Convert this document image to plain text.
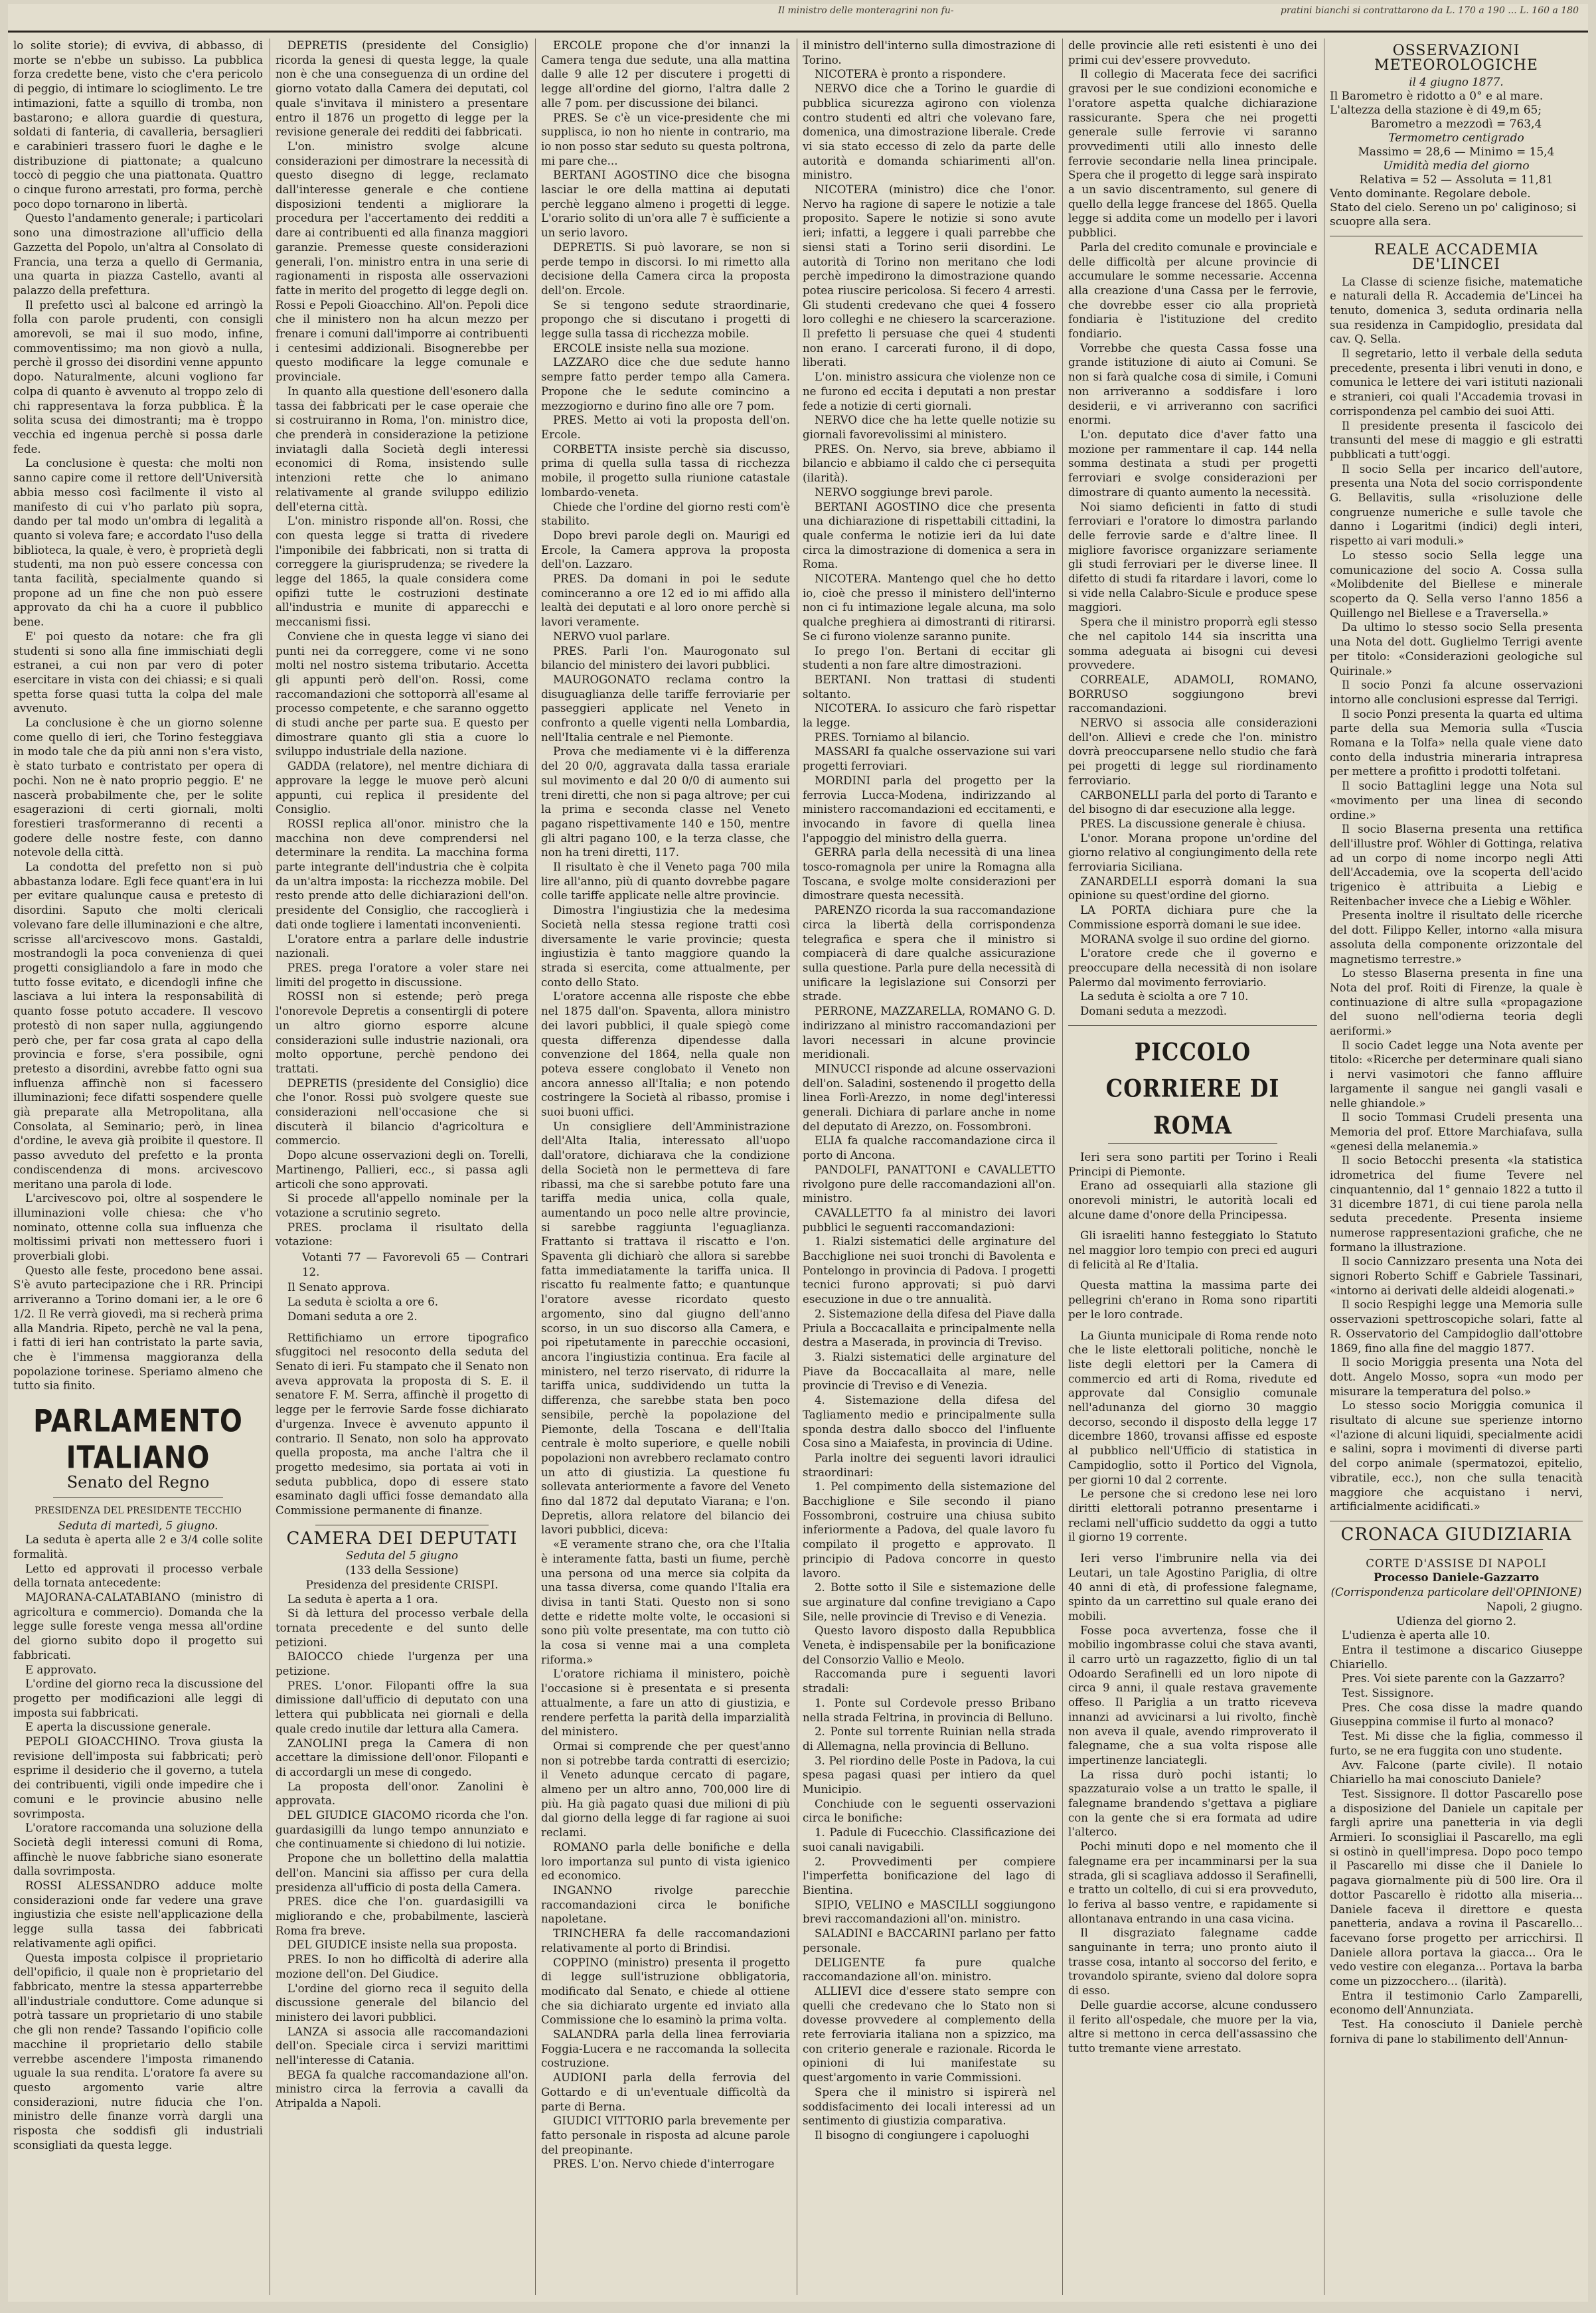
Il ministro delle monteragrini non fu-	pratini bianchi si contrattarono da L. 170 a 190 ... L. 160 a 180

lo solite storie); di evviva, di abbasso, di morte se n'ebbe un subisso. La pubblica forza credette bene, visto che c'era pericolo di peggio, di intimare lo scioglimento. Le tre intimazioni, fatte a squillo di tromba, non bastarono; e allora guardie di questura, soldati di fanteria, di cavalleria, bersaglieri e carabinieri trassero fuori le daghe e le distribuzione di piattonate; a qualcuno toccò di peggio che una piattonata. Quattro o cinque furono arrestati, pro forma, perchè poco dopo tornarono in libertà.

Questo l'andamento generale; i particolari sono una dimostrazione all'ufficio della Gazzetta del Popolo, un'altra al Consolato di Francia, una terza a quello di Germania, una quarta in piazza Castello, avanti al palazzo della prefettura.

Il prefetto uscì al balcone ed arringò la folla con parole prudenti, con consigli amorevoli, se mai il suo modo, infine, commoventissimo; ma non giovò a nulla, perchè il grosso dei disordini venne appunto dopo. Naturalmente, alcuni vogliono far colpa di quanto è avvenuto al troppo zelo di chi rappresentava la forza pubblica. È la solita scusa dei dimostranti; ma è troppo vecchia ed ingenua perchè si possa darle fede.

La conclusione è questa: che molti non sanno capire come il rettore dell'Università abbia messo così facilmente il visto al manifesto di cui v'ho parlato più sopra, dando per tal modo un'ombra di legalità a quanto si voleva fare; e accordato l'uso della biblioteca, la quale, è vero, è proprietà degli studenti, ma non può essere concessa con tanta facilità, specialmente quando si propone ad un fine che non può essere approvato da chi ha a cuore il pubblico bene.

E' poi questo da notare: che fra gli studenti si sono alla fine immischiati degli estranei, a cui non par vero di poter esercitare in vista con dei chiassi; e si quali spetta forse quasi tutta la colpa del male avvenuto.

La conclusione è che un giorno solenne come quello di ieri, che Torino festeggiava in modo tale che da più anni non s'era visto, è stato turbato e contristato per opera di pochi. Non ne è nato proprio peggio. E' ne nascerà probabilmente che, per le solite esagerazioni di certi giornali, molti forestieri trasformeranno di recenti a godere delle nostre feste, con danno notevole della città.

La condotta del prefetto non si può abbastanza lodare. Egli fece quant'era in lui per evitare qualunque causa e pretesto di disordini. Saputo che molti clericali volevano fare delle illuminazioni e che altre, scrisse all'arcivescovo mons. Gastaldi, mostrandogli la poca convenienza di quei progetti consigliandolo a fare in modo che tutto fosse evitato, e dicendogli infine che lasciava a lui intera la responsabilità di quanto fosse potuto accadere. Il vescovo protestò di non saper nulla, aggiungendo però che, per far cosa grata al capo della provincia e forse, s'era possibile, ogni pretesto a disordini, avrebbe fatto ogni sua influenza affinchè non si facessero illuminazioni; fece difatti sospendere quelle già preparate alla Metropolitana, alla Consolata, al Seminario; però, in linea d'ordine, le aveva già proibite il questore. Il passo avveduto del prefetto e la pronta condiscendenza di mons. arcivescovo meritano una parola di lode.

L'arcivescovo poi, oltre al sospendere le illuminazioni volle chiesa: che v'ho nominato, ottenne colla sua influenza che moltissimi privati non mettessero fuori i proverbiali globi.

Questo alle feste, procedono bene assai. S'è avuto partecipazione che i RR. Principi arriveranno a Torino domani ier, a le ore 6 1/2. Il Re verrà giovedì, ma si recherà prima alla Mandria. Ripeto, perchè ne val la pena, i fatti di ieri han contristato la parte savia, che è l'immensa maggioranza della popolazione torinese. Speriamo almeno che tutto sia finito.

PARLAMENTO ITALIANO
Senato del Regno

PRESIDENZA DEL PRESIDENTE TECCHIO

Seduta di martedì, 5 giugno.

La seduta è aperta alle 2 e 3/4 colle solite formalità.

Letto ed approvati il processo verbale della tornata antecedente:

MAJORANA-CALATABIANO (ministro di agricoltura e commercio). Domanda che la legge sulle foreste venga messa all'ordine del giorno subito dopo il progetto sui fabbricati.

E approvato.

L'ordine del giorno reca la discussione del progetto per modificazioni alle leggi di imposta sui fabbricati.

E aperta la discussione generale.

PEPOLI GIOACCHINO. Trova giusta la revisione dell'imposta sui fabbricati; però esprime il desiderio che il governo, a tutela dei contribuenti, vigili onde impedire che i comuni e le provincie abusino nelle sovrimposta.

L'oratore raccomanda una soluzione della Società degli interessi comuni di Roma, affinchè le nuove fabbriche siano esonerate dalla sovrimposta.

ROSSI ALESSANDRO adduce molte considerazioni onde far vedere una grave ingiustizia che esiste nell'applicazione della legge sulla tassa dei fabbricati relativamente agli opifici.

Questa imposta colpisce il proprietario dell'opificio, il quale non è proprietario del fabbricato, mentre la stessa apparterrebbe all'industriale conduttore. Come adunque si potrà tassare un proprietario di uno stabile che gli non rende? Tassando l'opificio colle macchine il proprietario dello stabile verrebbe ascendere l'imposta rimanendo uguale la sua rendita. L'oratore fa avere su questo argomento varie altre considerazioni, nutre fiducia che l'on. ministro delle finanze vorrà dargli una risposta che soddisfi gli industriali sconsigliati da questa legge.

DEPRETIS (presidente del Consiglio) ricorda la genesi di questa legge, la quale non è che una conseguenza di un ordine del giorno votato dalla Camera dei deputati, col quale s'invitava il ministero a presentare entro il 1876 un progetto di legge per la revisione generale dei redditi dei fabbricati.

L'on. ministro svolge alcune considerazioni per dimostrare la necessità di questo disegno di legge, reclamato dall'interesse generale e che contiene disposizioni tendenti a migliorare la procedura per l'accertamento dei redditi a dare ai contribuenti ed alla finanza maggiori garanzie. Premesse queste considerazioni generali, l'on. ministro entra in una serie di ragionamenti in risposta alle osservazioni fatte in merito del progetto di legge degli on. Rossi e Pepoli Gioacchino. All'on. Pepoli dice che il ministero non ha alcun mezzo per frenare i comuni dall'imporre ai contribuenti i centesimi addizionali. Bisognerebbe per questo modificare la legge comunale e provinciale.

In quanto alla questione dell'esonero dalla tassa dei fabbricati per le case operaie che si costruiranno in Roma, l'on. ministro dice, che prenderà in considerazione la petizione inviatagli dalla Società degli interessi economici di Roma, insistendo sulle intenzioni rette che lo animano relativamente al grande sviluppo edilizio dell'eterna città.

L'on. ministro risponde all'on. Rossi, che con questa legge si tratta di rivedere l'imponibile dei fabbricati, non si tratta di correggere la giurisprudenza; se rivedere la legge del 1865, la quale considera come opifizi tutte le costruzioni destinate all'industria e munite di apparecchi e meccanismi fissi.

Conviene che in questa legge vi siano dei punti nei da correggere, come vi ne sono molti nel nostro sistema tributario. Accetta gli appunti però dell'on. Rossi, come raccomandazioni che sottoporrà all'esame al processo competente, e che saranno oggetto di studi anche per parte sua. E questo per dimostrare quanto gli stia a cuore lo sviluppo industriale della nazione.

GADDA (relatore), nel mentre dichiara di approvare la legge le muove però alcuni appunti, cui replica il presidente del Consiglio.

ROSSI replica all'onor. ministro che la macchina non deve comprendersi nel determinare la rendita. La macchina forma parte integrante dell'industria che è colpita da un'altra imposta: la ricchezza mobile. Del resto prende atto delle dichiarazioni dell'on. presidente del Consiglio, che raccoglierà i dati onde togliere i lamentati inconvenienti.

L'oratore entra a parlare delle industrie nazionali.

PRES. prega l'oratore a voler stare nei limiti del progetto in discussione.

ROSSI non si estende; però prega l'onorevole Depretis a consentirgli di potere un altro giorno esporre alcune considerazioni sulle industrie nazionali, ora molto opportune, perchè pendono dei trattati.

DEPRETIS (presidente del Consiglio) dice che l'onor. Rossi può svolgere queste sue considerazioni nell'occasione che si discuterà il bilancio d'agricoltura e commercio.

Dopo alcune osservazioni degli on. Torelli, Martinengo, Pallieri, ecc., si passa agli articoli che sono approvati.

Si procede all'appello nominale per la votazione a scrutinio segreto.

PRES. proclama il risultato della votazione:

Votanti 77 — Favorevoli 65 — Contrari 12.

Il Senato approva.

La seduta è sciolta a ore 6.

Domani seduta a ore 2.

Rettifichiamo un errore tipografico sfuggitoci nel resoconto della seduta del Senato di ieri. Fu stampato che il Senato non aveva approvata la proposta di S. E. il senatore F. M. Serra, affinchè il progetto di legge per le ferrovie Sarde fosse dichiarato d'urgenza. Invece è avvenuto appunto il contrario. Il Senato, non solo ha approvato quella proposta, ma anche l'altra che il progetto medesimo, sia portata ai voti in seduta pubblica, dopo di essere stato esaminato dagli uffici fosse demandato alla Commissione permanente di finanze.

CAMERA DEI DEPUTATI

Seduta del 5 giugno

(133 della Sessione)

Presidenza del presidente CRISPI.

La seduta è aperta a 1 ora.

Si dà lettura del processo verbale della tornata precedente e del sunto delle petizioni.

BAIOCCO chiede l'urgenza per una petizione.

PRES. L'onor. Filopanti offre la sua dimissione dall'ufficio di deputato con una lettera qui pubblicata nei giornali e della quale credo inutile dar lettura alla Camera.

ZANOLINI prega la Camera di non accettare la dimissione dell'onor. Filopanti e di accordargli un mese di congedo.

La proposta dell'onor. Zanolini è approvata.

DEL GIUDICE GIACOMO ricorda che l'on. guardasigilli da lungo tempo annunziato e che continuamente si chiedono di lui notizie.

Propone che un bollettino della malattia dell'on. Mancini sia affisso per cura della presidenza all'ufficio di posta della Camera.

PRES. dice che l'on. guardasigilli va migliorando e che, probabilmente, lascierà Roma fra breve.

DEL GIUDICE insiste nella sua proposta.

PRES. Io non ho difficoltà di aderire alla mozione dell'on. Del Giudice.

L'ordine del giorno reca il seguito della discussione generale del bilancio del ministero dei lavori pubblici.

LANZA si associa alle raccomandazioni dell'on. Speciale circa i servizi marittimi nell'interesse di Catania.

BEGA fa qualche raccomandazione all'on. ministro circa la ferrovia a cavalli da Atripalda a Napoli.

ERCOLE propone che d'or innanzi la Camera tenga due sedute, una alla mattina dalle 9 alle 12 per discutere i progetti di legge all'ordine del giorno, l'altra dalle 2 alle 7 pom. per discussione dei bilanci.

PRES. Se c'è un vice-presidente che mi supplisca, io non ho niente in contrario, ma io non posso star seduto su questa poltrona, mi pare che...

BERTANI AGOSTINO dice che bisogna lasciar le ore della mattina ai deputati perchè leggano almeno i progetti di legge. L'orario solito di un'ora alle 7 è sufficiente a un serio lavoro.

DEPRETIS. Si può lavorare, se non si perde tempo in discorsi. Io mi rimetto alla decisione della Camera circa la proposta dell'on. Ercole.

Se si tengono sedute straordinarie, propongo che si discutano i progetti di legge sulla tassa di ricchezza mobile.

ERCOLE insiste nella sua mozione.

LAZZARO dice che due sedute hanno sempre fatto perder tempo alla Camera. Propone che le sedute comincino a mezzogiorno e durino fino alle ore 7 pom.

PRES. Metto ai voti la proposta dell'on. Ercole.

CORBETTA insiste perchè sia discusso, prima di quella sulla tassa di ricchezza mobile, il progetto sulla riunione catastale lombardo-veneta.

Chiede che l'ordine del giorno resti com'è stabilito.

Dopo brevi parole degli on. Maurigi ed Ercole, la Camera approva la proposta dell'on. Lazzaro.

PRES. Da domani in poi le sedute cominceranno a ore 12 ed io mi affido alla lealtà dei deputati e al loro onore perchè si lavori veramente.

NERVO vuol parlare.

PRES. Parli l'on. Maurogonato sul bilancio del ministero dei lavori pubblici.

MAUROGONATO reclama contro la disuguaglianza delle tariffe ferroviarie per passeggieri applicate nel Veneto in confronto a quelle vigenti nella Lombardia, nell'Italia centrale e nel Piemonte.

Prova che mediamente vi è la differenza del 20 0/0, aggravata dalla tassa erariale sul movimento e dal 20 0/0 di aumento sui treni diretti, che non si paga altrove; per cui la prima e seconda classe nel Veneto pagano rispettivamente 140 e 150, mentre gli altri pagano 100, e la terza classe, che non ha treni diretti, 117.

Il risultato è che il Veneto paga 700 mila lire all'anno, più di quanto dovrebbe pagare colle tariffe applicate nelle altre provincie.

Dimostra l'ingiustizia che la medesima Società nella stessa regione tratti così diversamente le varie provincie; questa ingiustizia è tanto maggiore quando la strada si esercita, come attualmente, per conto dello Stato.

L'oratore accenna alle risposte che ebbe nel 1875 dall'on. Spaventa, allora ministro dei lavori pubblici, il quale spiegò come questa differenza dipendesse dalla convenzione del 1864, nella quale non poteva essere conglobato il Veneto non ancora annesso all'Italia; e non potendo costringere la Società al ribasso, promise i suoi buoni uffici.

Un consigliere dell'Amministrazione dell'Alta Italia, interessato all'uopo dall'oratore, dichiarava che la condizione della Società non le permetteva di fare ribassi, ma che si sarebbe potuto fare una tariffa media unica, colla quale, aumentando un poco nelle altre provincie, si sarebbe raggiunta l'eguaglianza. Frattanto si trattava il riscatto e l'on. Spaventa gli dichiarò che allora si sarebbe fatta immediatamente la tariffa unica. Il riscatto fu realmente fatto; e quantunque l'oratore avesse ricordato questo argomento, sino dal giugno dell'anno scorso, in un suo discorso alla Camera, e poi ripetutamente in parecchie occasioni, ancora l'ingiustizia continua. Era facile al ministero, nel terzo riservato, di ridurre la tariffa unica, suddividendo un tutta la differenza, che sarebbe stata ben poco sensibile, perchè la popolazione del Piemonte, della Toscana e dell'Italia centrale è molto superiore, e quelle nobili popolazioni non avrebbero reclamato contro un atto di giustizia. La questione fu sollevata anteriormente a favore del Veneto fino dal 1872 dal deputato Viarana; e l'on. Depretis, allora relatore del bilancio dei lavori pubblici, diceva:

«E veramente strano che, ora che l'Italia è interamente fatta, basti un fiume, perchè una persona od una merce sia colpita da una tassa diversa, come quando l'Italia era divisa in tanti Stati. Questo non si sono dette e ridette molte volte, le occasioni si sono più volte presentate, ma con tutto ciò la cosa si venne mai a una completa riforma.»

L'oratore richiama il ministero, poichè l'occasione si è presentata e si presenta attualmente, a fare un atto di giustizia, e rendere perfetta la parità della imparzialità del ministero.

Ormai si comprende che per quest'anno non si potrebbe tarda contratti di esercizio; il Veneto adunque cercato di pagare, almeno per un altro anno, 700,000 lire di più. Ha già pagato quasi due milioni di più dal giorno della legge di far ragione ai suoi reclami.

ROMANO parla delle bonifiche e della loro importanza sul punto di vista igienico ed economico.

INGANNO rivolge parecchie raccomandazioni circa le bonifiche napoletane.

TRINCHERA fa delle raccomandazioni relativamente al porto di Brindisi.

COPPINO (ministro) presenta il progetto di legge sull'istruzione obbligatoria, modificato dal Senato, e chiede al ottiene che sia dichiarato urgente ed inviato alla Commissione che lo esaminò la prima volta.

SALANDRA parla della linea ferroviaria Foggia-Lucera e ne raccomanda la sollecita costruzione.

AUDIONI parla della ferrovia del Gottardo e di un'eventuale difficoltà da parte di Berna.

GIUDICI VITTORIO parla brevemente per fatto personale in risposta ad alcune parole del preopinante.

PRES. L'on. Nervo chiede d'interrogare

il ministro dell'interno sulla dimostrazione di Torino.

NICOTERA è pronto a rispondere.

NERVO dice che a Torino le guardie di pubblica sicurezza agirono con violenza contro studenti ed altri che volevano fare, domenica, una dimostrazione liberale. Crede vi sia stato eccesso di zelo da parte delle autorità e domanda schiarimenti all'on. ministro.

NICOTERA (ministro) dice che l'onor. Nervo ha ragione di sapere le notizie a tale proposito. Sapere le notizie si sono avute ieri; infatti, a leggere i quali parrebbe che siensi stati a Torino serii disordini. Le autorità di Torino non meritano che lodi perchè impedirono la dimostrazione quando potea riuscire pericolosa. Si fecero 4 arresti. Gli studenti credevano che quei 4 fossero loro colleghi e ne chiesero la scarcerazione. Il prefetto li persuase che quei 4 studenti non erano. I carcerati furono, il di dopo, liberati.

L'on. ministro assicura che violenze non ce ne furono ed eccita i deputati a non prestar fede a notizie di certi giornali.

NERVO dice che ha lette quelle notizie su giornali favorevolissimi al ministero.

PRES. On. Nervo, sia breve, abbiamo il bilancio e abbiamo il caldo che ci persequita (ilarità).

NERVO soggiunge brevi parole.

BERTANI AGOSTINO dice che presenta una dichiarazione di rispettabili cittadini, la quale conferma le notizie ieri da lui date circa la dimostrazione di domenica a sera in Roma.

NICOTERA. Mantengo quel che ho detto io, cioè che presso il ministero dell'interno non ci fu intimazione legale alcuna, ma solo qualche preghiera ai dimostranti di ritirarsi. Se ci furono violenze saranno punite.

Io prego l'on. Bertani di eccitar gli studenti a non fare altre dimostrazioni.

BERTANI. Non trattasi di studenti soltanto.

NICOTERA. Io assicuro che farò rispettar la legge.

PRES. Torniamo al bilancio.

MASSARI fa qualche osservazione sui vari progetti ferroviari.

MORDINI parla del progetto per la ferrovia Lucca-Modena, indirizzando al ministero raccomandazioni ed eccitamenti, e invocando in favore di quella linea l'appoggio del ministro della guerra.

GERRA parla della necessità di una linea tosco-romagnola per unire la Romagna alla Toscana, e svolge molte considerazioni per dimostrare questa necessità.

PARENZO ricorda la sua raccomandazione circa la libertà della corrispondenza telegrafica e spera che il ministro si compiacerà di dare qualche assicurazione sulla questione. Parla pure della necessità di unificare la legislazione sui Consorzi per strade.

PERRONE, MAZZARELLA, ROMANO G. D. indirizzano al ministro raccomandazioni per lavori necessari in alcune provincie meridionali.

MINUCCI risponde ad alcune osservazioni dell'on. Saladini, sostenendo il progetto della linea Forlì-Arezzo, in nome degl'interessi generali. Dichiara di parlare anche in nome del deputato di Arezzo, on. Fossombroni.

ELIA fa qualche raccomandazione circa il porto di Ancona.

PANDOLFI, PANATTONI e CAVALLETTO rivolgono pure delle raccomandazioni all'on. ministro.

CAVALLETTO fa al ministro dei lavori pubblici le seguenti raccomandazioni:

1. Rialzi sistematici delle arginature del Bacchiglione nei suoi tronchi di Bavolenta e Pontelongo in provincia di Padova. I progetti tecnici furono approvati; si può darvi esecuzione in due o tre annualità.

2. Sistemazione della difesa del Piave dalla Priula a Boccacallaita e principalmente nella destra a Maserada, in provincia di Treviso.

3. Rialzi sistematici delle arginature del Piave da Boccacallaita al mare, nelle provincie di Treviso e di Venezia.

4. Sistemazione della difesa del Tagliamento medio e principalmente sulla sponda destra dallo sbocco del l'influente Cosa sino a Maiafesta, in provincia di Udine.

Parla inoltre dei seguenti lavori idraulici straordinari:

1. Pel compimento della sistemazione del Bacchiglione e Sile secondo il piano Fossombroni, costruire una chiusa subito inferiormente a Padova, del quale lavoro fu compilato il progetto e approvato. Il principio di Padova concorre in questo lavoro.

2. Botte sotto il Sile e sistemazione delle sue arginature dal confine trevigiano a Capo Sile, nelle provincie di Treviso e di Venezia.

Questo lavoro disposto dalla Repubblica Veneta, è indispensabile per la bonificazione del Consorzio Vallio e Meolo.

Raccomanda pure i seguenti lavori stradali:

1. Ponte sul Cordevole presso Bribano nella strada Feltrina, in provincia di Belluno.

2. Ponte sul torrente Ruinian nella strada di Allemagna, nella provincia di Belluno.

3. Pel riordino delle Poste in Padova, la cui spesa pagasi quasi per intiero da quel Municipio.

Conchiude con le seguenti osservazioni circa le bonifiche:

1. Padule di Fucecchio. Classificazione dei suoi canali navigabili.

2. Provvedimenti per compiere l'imperfetta bonificazione del lago di Bientina.

SIPIO, VELINO e MASCILLI soggiungono brevi raccomandazioni all'on. ministro.

SALADINI e BACCARINI parlano per fatto personale.

DELIGENTE fa pure qualche raccomandazione all'on. ministro.

ALLIEVI dice d'essere stato sempre con quelli che credevano che lo Stato non si dovesse provvedere al complemento della rete ferroviaria italiana non a spizzico, ma con criterio generale e razionale. Ricorda le opinioni di lui manifestate su quest'argomento in varie Commissioni.

Spera che il ministro si ispirerà nel soddisfacimento dei locali interessi ad un sentimento di giustizia comparativa.

Il bisogno di congiungere i capoluoghi

delle provincie alle reti esistenti è uno dei primi cui dev'essere provveduto.

Il collegio di Macerata fece dei sacrifici gravosi per le sue condizioni economiche e l'oratore aspetta qualche dichiarazione rassicurante. Spera che nei progetti generale sulle ferrovie vi saranno provvedimenti utili allo innesto delle ferrovie secondarie nella linea principale. Spera che il progetto di legge sarà inspirato a un savio discentramento, sul genere di quello della legge francese del 1865. Quella legge si addita come un modello per i lavori pubblici.

Parla del credito comunale e provinciale e delle difficoltà per alcune provincie di accumulare le somme necessarie. Accenna alla creazione d'una Cassa per le ferrovie, che dovrebbe esser cio alla proprietà fondiaria è l'istituzione del credito fondiario.

Vorrebbe che questa Cassa fosse una grande istituzione di aiuto ai Comuni. Se non si farà qualche cosa di simile, i Comuni non arriveranno a soddisfare i loro desiderii, e vi arriveranno con sacrifici enormi.

L'on. deputato dice d'aver fatto una mozione per rammentare il cap. 144 nella somma destinata a studi per progetti ferroviari e svolge considerazioni per dimostrare di quanto aumento la necessità.

Noi siamo deficienti in fatto di studi ferroviari e l'oratore lo dimostra parlando delle ferrovie sarde e d'altre linee. Il migliore favorisce organizzare seriamente gli studi ferroviari per le diverse linee. Il difetto di studi fa ritardare i lavori, come lo si vide nella Calabro-Sicule e produce spese maggiori.

Spera che il ministro proporrà egli stesso che nel capitolo 144 sia inscritta una somma adeguata ai bisogni cui devesi provvedere.

CORREALE, ADAMOLI, ROMANO, BORRUSO soggiungono brevi raccomandazioni.

NERVO si associa alle considerazioni dell'on. Allievi e crede che l'on. ministro dovrà preoccuparsene nello studio che farà pei progetti di legge sul riordinamento ferroviario.

CARBONELLI parla del porto di Taranto e del bisogno di dar esecuzione alla legge.

PRES. La discussione generale è chiusa.

L'onor. Morana propone un'ordine del giorno relativo al congiungimento della rete ferroviaria Siciliana.

ZANARDELLI esporrà domani la sua opinione su quest'ordine del giorno.

LA PORTA dichiara pure che la Commissione esporrà domani le sue idee.

MORANA svolge il suo ordine del giorno.

L'oratore crede che il governo e preoccupare della necessità di non isolare Palermo dal movimento ferroviario.

La seduta è sciolta a ore 7 10.

Domani seduta a mezzodì.

PICCOLO CORRIERE DI ROMA

Ieri sera sono partiti per Torino i Reali Principi di Piemonte.

Erano ad ossequiarli alla stazione gli onorevoli ministri, le autorità locali ed alcune dame d'onore della Principessa.

Gli israeliti hanno festeggiato lo Statuto nel maggior loro tempio con preci ed auguri di felicità al Re d'Italia.

Questa mattina la massima parte dei pellegrini ch'erano in Roma sono ripartiti per le loro contrade.

La Giunta municipale di Roma rende noto che le liste elettorali politiche, nonchè le liste degli elettori per la Camera di commercio ed arti di Roma, rivedute ed approvate dal Consiglio comunale nell'adunanza del giorno 30 maggio decorso, secondo il disposto della legge 17 dicembre 1860, trovansi affisse ed esposte al pubblico nell'Ufficio di statistica in Campidoglio, sotto il Portico del Vignola, per giorni 10 dal 2 corrente.

Le persone che si credono lese nei loro diritti elettorali potranno presentarne i reclami nell'ufficio suddetto da oggi a tutto il giorno 19 corrente.

Ieri verso l'imbrunire nella via dei Leutari, un tale Agostino Pariglia, di oltre 40 anni di età, di professione falegname, spinto da un carrettino sul quale erano dei mobili.

Fosse poca avvertenza, fosse che il mobilio ingombrasse colui che stava avanti, il carro urtò un ragazzetto, figlio di un tal Odoardo Serafinelli ed un loro nipote di circa 9 anni, il quale restava gravemente offeso. Il Pariglia a un tratto riceveva innanzi ad avvicinarsi a lui rivolto, finchè non aveva il quale, avendo rimproverato il falegname, che a sua volta rispose alle impertinenze lanciategli.

La rissa durò pochi istanti; lo spazzaturaio volse a un tratto le spalle, il falegname brandendo s'gettava a pigliare con la gente che si era formata ad udire l'alterco.

Pochi minuti dopo e nel momento che il falegname era per incamminarsi per la sua strada, gli si scagliava addosso il Serafinelli, e tratto un coltello, di cui si era provveduto, lo feriva al basso ventre, e rapidamente si allontanava entrando in una casa vicina.

Il disgraziato falegname cadde sanguinante in terra; uno pronto aiuto il trasse cosa, intanto al soccorso del ferito, e trovandolo spirante, svieno dal dolore sopra di esso.

Delle guardie accorse, alcune condussero il ferito all'ospedale, che muore per la via, altre si mettono in cerca dell'assassino che tutto tremante viene arrestato.

OSSERVAZIONI METEOROLOGICHE

il 4 giugno 1877.

Il Barometro è ridotto a 0° e al mare.

L'altezza della stazione è di 49,m 65;

Barometro a mezzodì = 763,4

Termometro centigrado

Massimo = 28,6 — Minimo = 15,4

Umidità media del giorno

Relativa = 52 — Assoluta = 11,81

Vento dominante. Regolare debole.

Stato del cielo. Sereno un po' caliginoso; si scuopre alla sera.

REALE ACCADEMIA DE'LINCEI

La Classe di scienze fisiche, matematiche e naturali della R. Accademia de'Lincei ha tenuto, domenica 3, seduta ordinaria nella sua residenza in Campidoglio, presidata dal cav. Q. Sella.

Il segretario, letto il verbale della seduta precedente, presenta i libri venuti in dono, e comunica le lettere dei vari istituti nazionali e stranieri, coi quali l'Accademia trovasi in corrispondenza pel cambio dei suoi Atti.

Il presidente presenta il fascicolo dei transunti del mese di maggio e gli estratti pubblicati a tutt'oggi.

Il socio Sella per incarico dell'autore, presenta una Nota del socio corrispondente G. Bellavitis, sulla «risoluzione delle congruenze numeriche e sulle tavole che danno i Logaritmi (indici) degli interi, rispetto ai vari moduli.»

Lo stesso socio Sella legge una comunicazione del socio A. Cossa sulla «Molibdenite del Biellese e minerale scoperto da Q. Sella verso l'anno 1856 a Quillengo nel Biellese e a Traversella.»

Da ultimo lo stesso socio Sella presenta una Nota del dott. Guglielmo Terrigi avente per titolo: «Considerazioni geologiche sul Quirinale.»

Il socio Ponzi fa alcune osservazioni intorno alle conclusioni espresse dal Terrigi.

Il socio Ponzi presenta la quarta ed ultima parte della sua Memoria sulla «Tuscia Romana e la Tolfa» nella quale viene dato conto della industria mineraria intrapresa per mettere a profitto i prodotti tolfetani.

Il socio Battaglini legge una Nota sul «movimento per una linea di secondo ordine.»

Il socio Blaserna presenta una rettifica dell'illustre prof. Wöhler di Gottinga, relativa ad un corpo di nome incorpo negli Atti dell'Accademia, ove la scoperta dell'acido trigenico è attribuita a Liebig e Reitenbacher invece che a Liebig e Wöhler.

Presenta inoltre il risultato delle ricerche del dott. Filippo Keller, intorno «alla misura assoluta della componente orizzontale del magnetismo terrestre.»

Lo stesso Blaserna presenta in fine una Nota del prof. Roiti di Firenze, la quale è continuazione di altre sulla «propagazione del suono nell'odierna teoria degli aeriformi.»

Il socio Cadet legge una Nota avente per titolo: «Ricerche per determinare quali siano i nervi vasimotori che fanno affluire largamente il sangue nei gangli vasali e nelle ghiandole.»

Il socio Tommasi Crudeli presenta una Memoria del prof. Ettore Marchiafava, sulla «genesi della melanemia.»

Il socio Betocchi presenta «la statistica idrometrica del fiume Tevere nel cinquantennio, dal 1° gennaio 1822 a tutto il 31 dicembre 1871, di cui tiene parola nella seduta precedente. Presenta insieme numerose rappresentazioni grafiche, che ne formano la illustrazione.

Il socio Cannizzaro presenta una Nota dei signori Roberto Schiff e Gabriele Tassinari, «intorno ai derivati delle aldeidi alogenati.»

Il socio Respighi legge una Memoria sulle osservazioni spettroscopiche solari, fatte al R. Osservatorio del Campidoglio dall'ottobre 1869, fino alla fine del maggio 1877.

Il socio Moriggia presenta una Nota del dott. Angelo Mosso, sopra «un modo per misurare la temperatura del polso.»

Lo stesso socio Moriggia comunica il risultato di alcune sue sperienze intorno «l'azione di alcuni liquidi, specialmente acidi e salini, sopra i movimenti di diverse parti del corpo animale (spermatozoi, epitelio, vibratile, ecc.), non che sulla tenacità maggiore che acquistano i nervi, artificialmente acidificati.»

CRONACA GIUDIZIARIA

CORTE D'ASSISE DI NAPOLI

Processo Daniele-Gazzarro

(Corrispondenza particolare dell'OPINIONE)

Napoli, 2 giugno.

Udienza del giorno 2.

L'udienza è aperta alle 10.

Entra il testimone a discarico Giuseppe Chiariello.

Pres. Voi siete parente con la Gazzarro?

Test. Sissignore.

Pres. Che cosa disse la madre quando Giuseppina commise il furto al monaco?

Test. Mi disse che la figlia, commesso il furto, se ne era fuggita con uno studente.

Avv. Falcone (parte civile). Il notaio Chiariello ha mai conosciuto Daniele?

Test. Sissignore. Il dottor Pascarello pose a disposizione del Daniele un capitale per fargli aprire una panetteria in via degli Armieri. Io sconsigliai il Pascarello, ma egli si ostinò in quell'impresa. Dopo poco tempo il Pascarello mi disse che il Daniele lo pagava giornalmente più di 500 lire. Ora il dottor Pascarello è ridotto alla miseria... Daniele faceva il direttore e questa panetteria, andava a rovina il Pascarello... facevano forse progetto per arricchirsi. Il Daniele allora portava la giacca... Ora le vedo vestire con eleganza... Portava la barba come un pizzocchero... (ilarità).

Entra il testimonio Carlo Zamparelli, economo dell'Annunziata.

Test. Ha conosciuto il Daniele perchè forniva di pane lo stabilimento dell'Annun-
